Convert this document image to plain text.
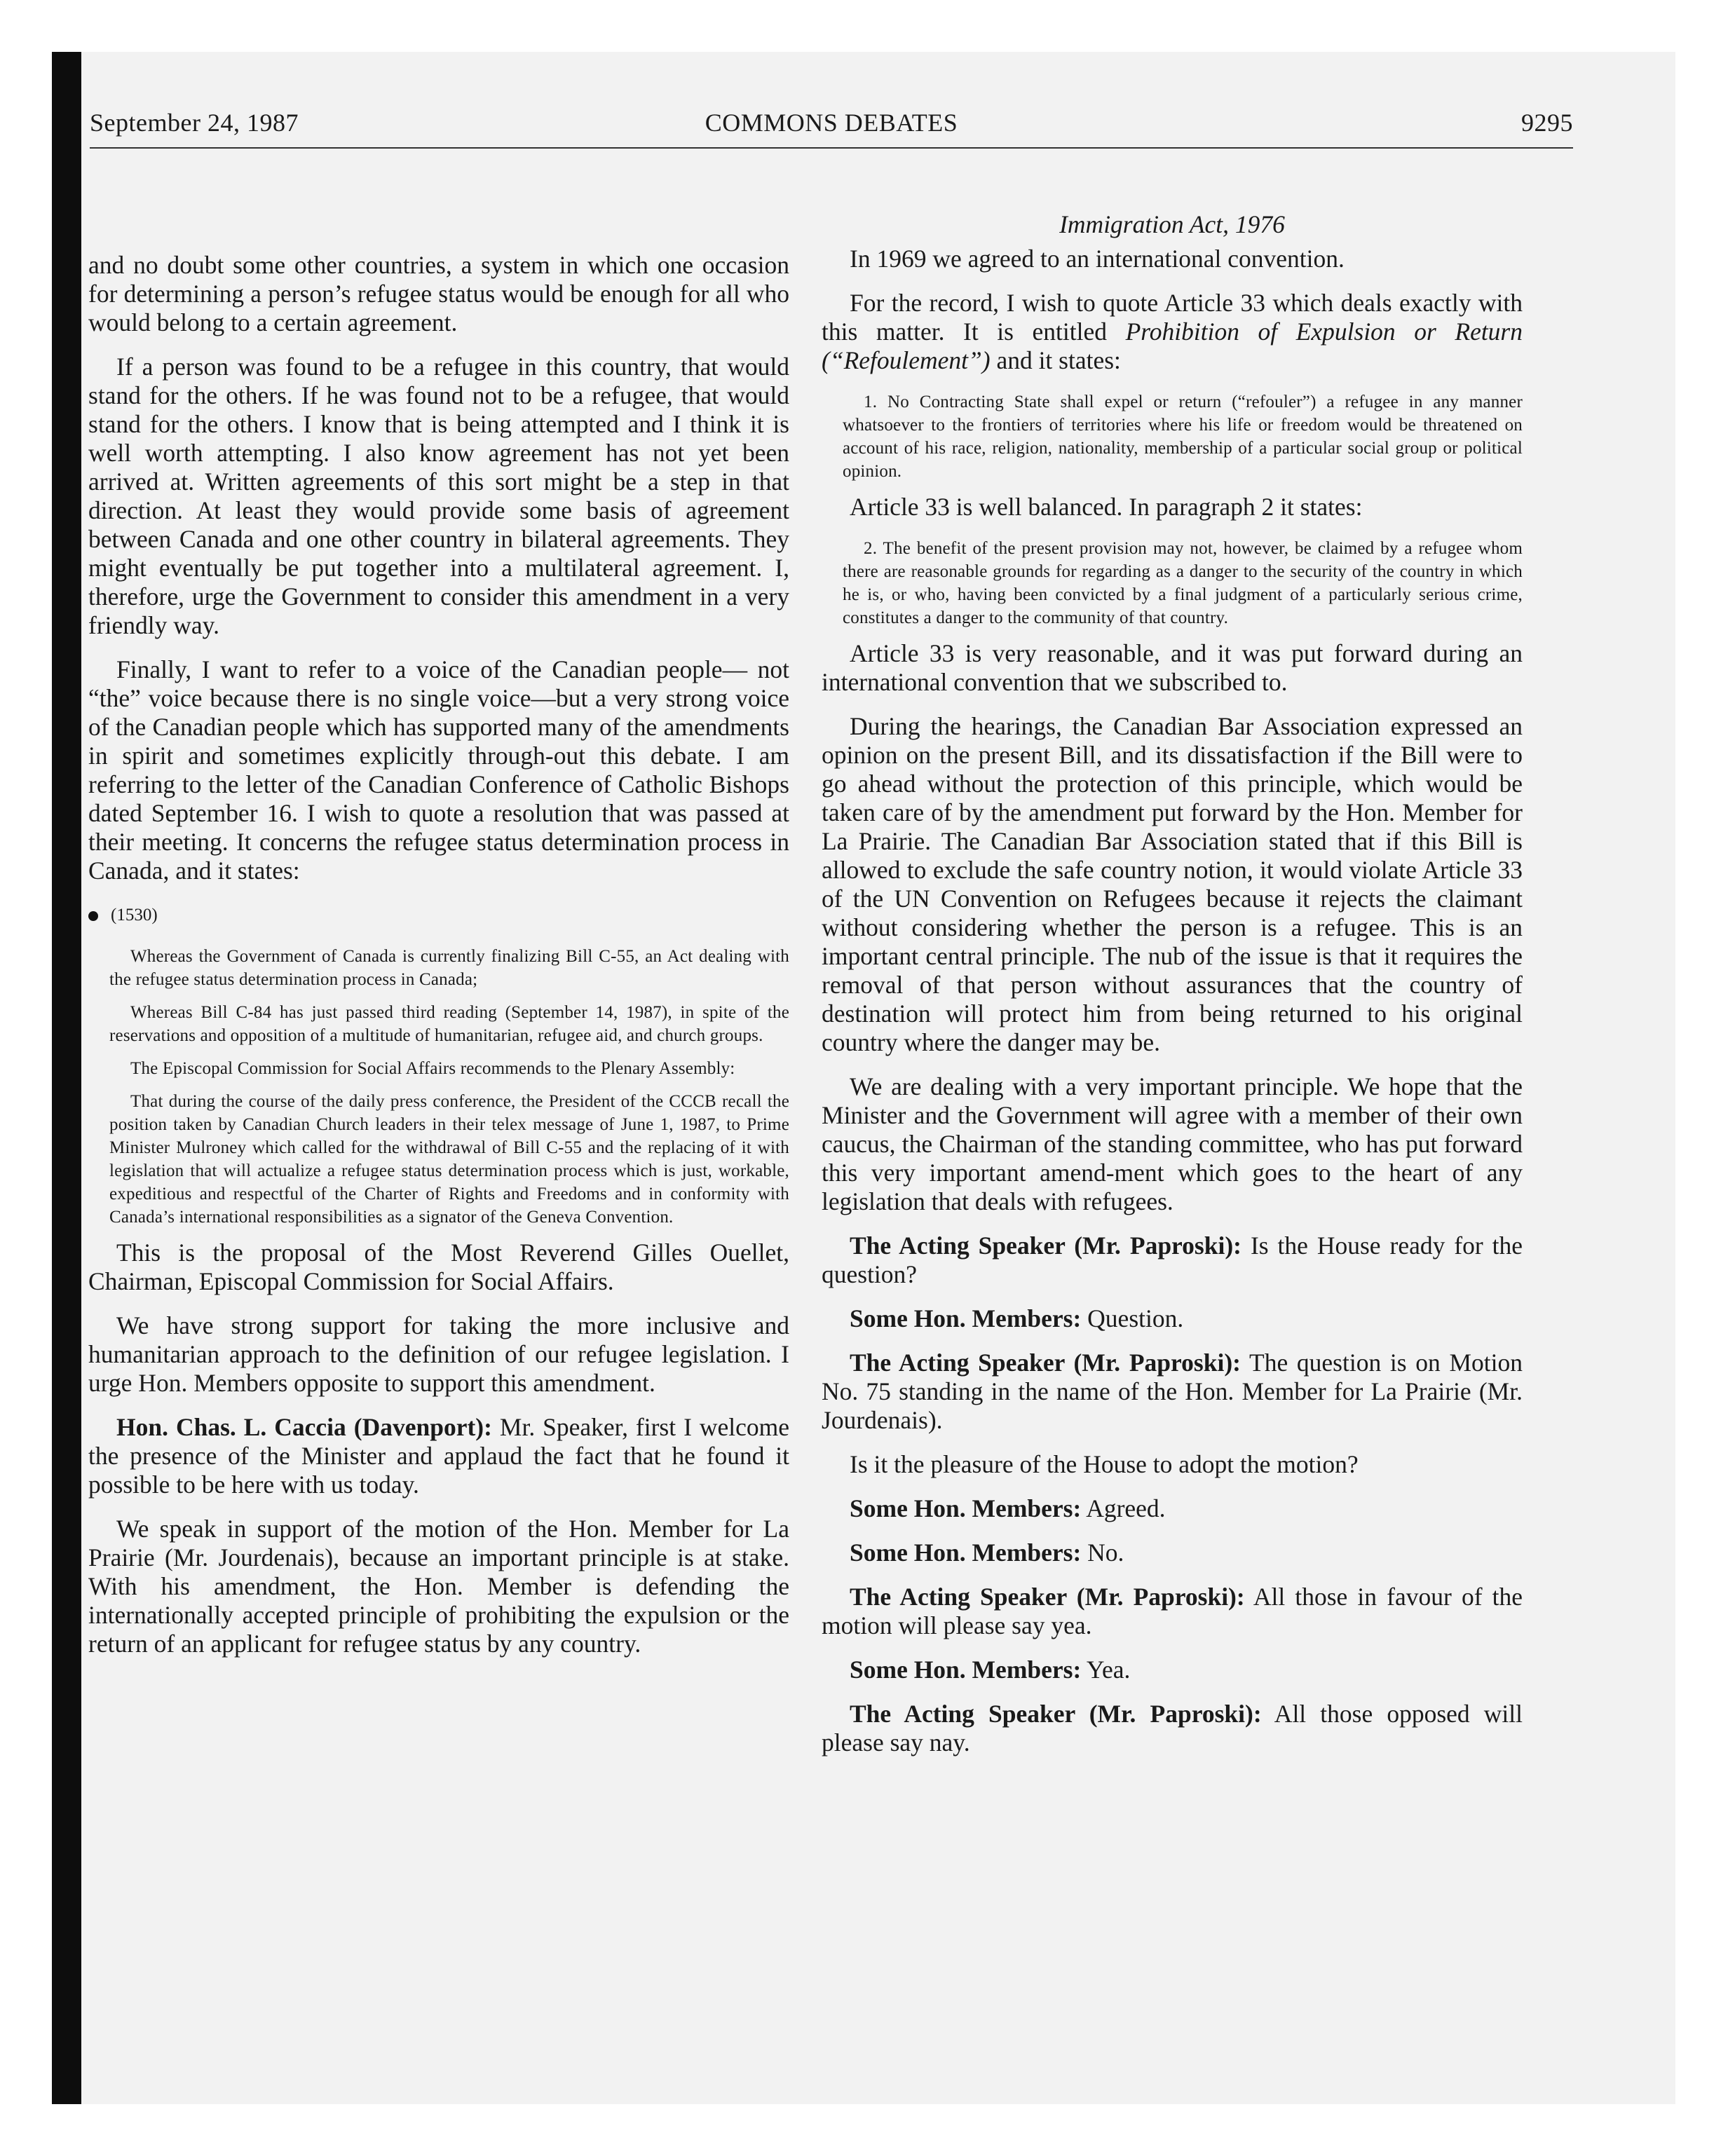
September 24, 1987	COMMONS DEBATES	9295

and no doubt some other countries, a system in which one occasion for determining a person’s refugee status would be enough for all who would belong to a certain agreement.

If a person was found to be a refugee in this country, that would stand for the others. If he was found not to be a refugee, that would stand for the others. I know that is being attempted and I think it is well worth attempting. I also know agreement has not yet been arrived at. Written agreements of this sort might be a step in that direction. At least they would provide some basis of agreement between Canada and one other country in bilateral agreements. They might eventually be put together into a multilateral agreement. I, therefore, urge the Government to consider this amendment in a very friendly way.

Finally, I want to refer to a voice of the Canadian people— not “the” voice because there is no single voice—but a very strong voice of the Canadian people which has supported many of the amendments in spirit and sometimes explicitly through-out this debate. I am referring to the letter of the Canadian Conference of Catholic Bishops dated September 16. I wish to quote a resolution that was passed at their meeting. It concerns the refugee status determination process in Canada, and it states:

(1530)

Whereas the Government of Canada is currently finalizing Bill C-55, an Act dealing with the refugee status determination process in Canada;

Whereas Bill C-84 has just passed third reading (September 14, 1987), in spite of the reservations and opposition of a multitude of humanitarian, refugee aid, and church groups.

The Episcopal Commission for Social Affairs recommends to the Plenary Assembly:

That during the course of the daily press conference, the President of the CCCB recall the position taken by Canadian Church leaders in their telex message of June 1, 1987, to Prime Minister Mulroney which called for the withdrawal of Bill C-55 and the replacing of it with legislation that will actualize a refugee status determination process which is just, workable, expeditious and respectful of the Charter of Rights and Freedoms and in conformity with Canada’s international responsibilities as a signator of the Geneva Convention.

This is the proposal of the Most Reverend Gilles Ouellet, Chairman, Episcopal Commission for Social Affairs.

We have strong support for taking the more inclusive and humanitarian approach to the definition of our refugee legislation. I urge Hon. Members opposite to support this amendment.

Hon. Chas. L. Caccia (Davenport): Mr. Speaker, first I welcome the presence of the Minister and applaud the fact that he found it possible to be here with us today.

We speak in support of the motion of the Hon. Member for La Prairie (Mr. Jourdenais), because an important principle is at stake. With his amendment, the Hon. Member is defending the internationally accepted principle of prohibiting the expulsion or the return of an applicant for refugee status by any country.

Immigration Act, 1976

In 1969 we agreed to an international convention.

For the record, I wish to quote Article 33 which deals exactly with this matter. It is entitled Prohibition of Expulsion or Return (“Refoulement”) and it states:

1. No Contracting State shall expel or return (“refouler”) a refugee in any manner whatsoever to the frontiers of territories where his life or freedom would be threatened on account of his race, religion, nationality, membership of a particular social group or political opinion.

Article 33 is well balanced. In paragraph 2 it states:

2. The benefit of the present provision may not, however, be claimed by a refugee whom there are reasonable grounds for regarding as a danger to the security of the country in which he is, or who, having been convicted by a final judgment of a particularly serious crime, constitutes a danger to the community of that country.

Article 33 is very reasonable, and it was put forward during an international convention that we subscribed to.

During the hearings, the Canadian Bar Association expressed an opinion on the present Bill, and its dissatisfaction if the Bill were to go ahead without the protection of this principle, which would be taken care of by the amendment put forward by the Hon. Member for La Prairie. The Canadian Bar Association stated that if this Bill is allowed to exclude the safe country notion, it would violate Article 33 of the UN Convention on Refugees because it rejects the claimant without considering whether the person is a refugee. This is an important central principle. The nub of the issue is that it requires the removal of that person without assurances that the country of destination will protect him from being returned to his original country where the danger may be.

We are dealing with a very important principle. We hope that the Minister and the Government will agree with a member of their own caucus, the Chairman of the standing committee, who has put forward this very important amend-ment which goes to the heart of any legislation that deals with refugees.

The Acting Speaker (Mr. Paproski): Is the House ready for the question?

Some Hon. Members: Question.

The Acting Speaker (Mr. Paproski): The question is on Motion No. 75 standing in the name of the Hon. Member for La Prairie (Mr. Jourdenais).

Is it the pleasure of the House to adopt the motion?

Some Hon. Members: Agreed.

Some Hon. Members: No.

The Acting Speaker (Mr. Paproski): All those in favour of the motion will please say yea.

Some Hon. Members: Yea.

The Acting Speaker (Mr. Paproski): All those opposed will please say nay.
